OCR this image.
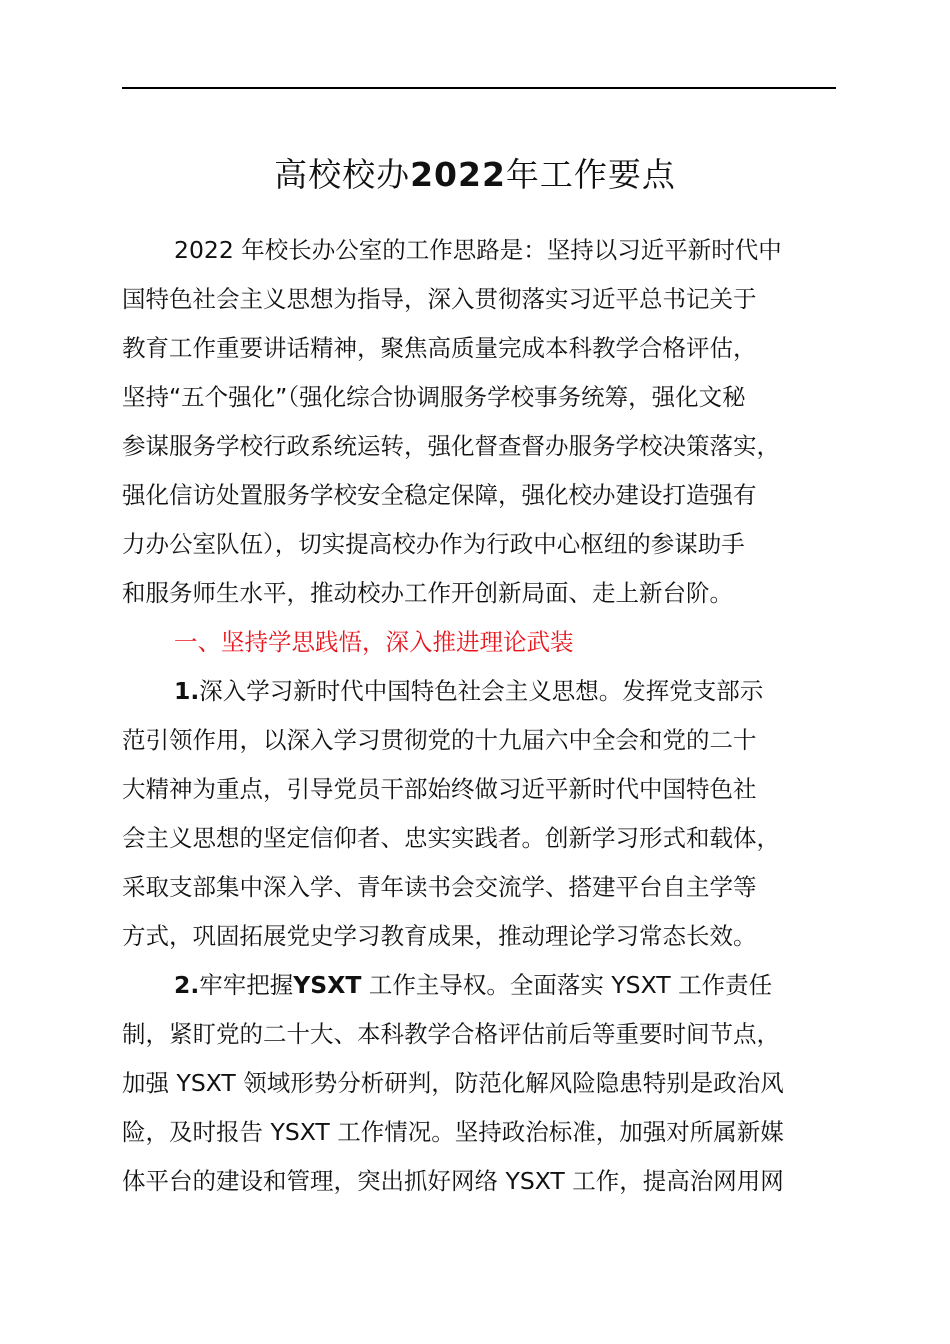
高校校办2022年工作要点
2022 年校长办公室的工作思路是：坚持以习近平新时代中
国特色社会主义思想为指导，深入贯彻落实习近平总书记关于
教育工作重要讲话精神，聚焦高质量完成本科教学合格评估，
坚持“五个强化”（强化综合协调服务学校事务统筹，强化文秘
参谋服务学校行政系统运转，强化督查督办服务学校决策落实，
强化信访处置服务学校安全稳定保障，强化校办建设打造强有
力办公室队伍），切实提高校办作为行政中心枢纽的参谋助手
和服务师生水平，推动校办工作开创新局面、走上新台阶。
一、坚持学思践悟，深入推进理论武装
1.深入学习新时代中国特色社会主义思想。发挥党支部示
范引领作用，以深入学习贯彻党的十九届六中全会和党的二十
大精神为重点，引导党员干部始终做习近平新时代中国特色社
会主义思想的坚定信仰者、忠实实践者。创新学习形式和载体，
采取支部集中深入学、青年读书会交流学、搭建平台自主学等
方式，巩固拓展党史学习教育成果，推动理论学习常态长效。
2.牢牢把握YSXT 工作主导权。全面落实 YSXT 工作责任
制，紧盯党的二十大、本科教学合格评估前后等重要时间节点，
加强 YSXT 领域形势分析研判，防范化解风险隐患特别是政治风
险，及时报告 YSXT 工作情况。坚持政治标准，加强对所属新媒
体平台的建设和管理，突出抓好网络 YSXT 工作，提高治网用网
